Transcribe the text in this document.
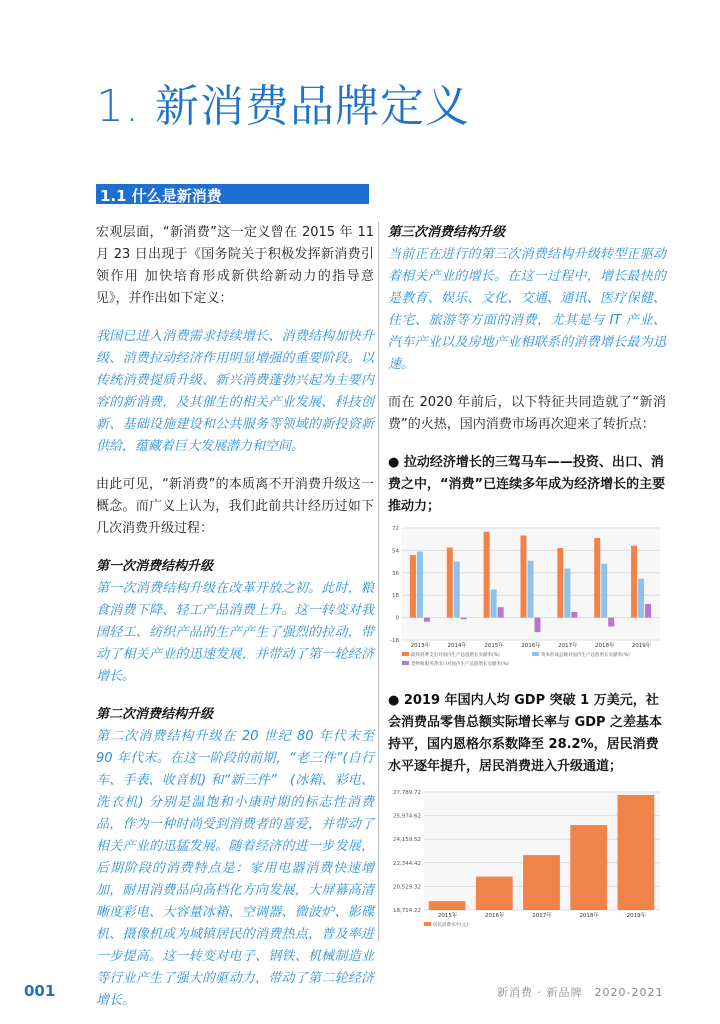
1. 新消费品牌定义
1.1 什么是新消费

宏观层面，“新消费”这一定义曾在 2015 年 11 月 23 日出现于《国务院关于积极发挥新消费引领作用 加快培育形成新供给新动力的指导意见》，并作出如下定义：

我国已进入消费需求持续增长、消费结构加快升级、消费拉动经济作用明显增强的重要阶段。以传统消费提质升级、新兴消费蓬勃兴起为主要内容的新消费，及其催生的相关产业发展、科技创新、基础设施建设和公共服务等领域的新投资新供给，蕴藏着巨大发展潜力和空间。

由此可见，“新消费”的本质离不开消费升级这一概念。而广义上认为，我们此前共计经历过如下几次消费升级过程：

第一次消费结构升级

第一次消费结构升级在改革开放之初。此时，粮食消费下降、轻工产品消费上升。这一转变对我国轻工、纺织产品的生产产生了强烈的拉动，带动了相关产业的迅速发展，并带动了第一轮经济增长。

第二次消费结构升级

第二次消费结构升级在 20 世纪 80 年代末至 90 年代末。在这一阶段的前期，“老三件”(自行车、手表、收音机) 和“新三件”　(冰箱、彩电、洗衣机) 分别是温饱和小康时期的标志性消费品，作为一种时尚受到消费者的喜爱，并带动了相关产业的迅猛发展。随着经济的进一步发展，后期阶段的消费特点是：家用电器消费快速增加，耐用消费品向高档化方向发展，大屏幕高清晰度彩电、大容量冰箱、空调器、微波炉、影碟机、摄像机成为城镇居民的消费热点，普及率进一步提高。这一转变对电子、钢铁、机械制造业等行业产生了强大的驱动力，带动了第二轮经济增长。

第三次消费结构升级

当前正在进行的第三次消费结构升级转型正驱动着相关产业的增长。在这一过程中，增长最快的是教育、娱乐、文化、交通、通讯、医疗保健、住宅、旅游等方面的消费，尤其是与 IT 产业、汽车产业以及房地产业相联系的消费增长最为迅速。

而在 2020 年前后，以下特征共同造就了“新消费”的火热，国内消费市场再次迎来了转折点：

● 拉动经济增长的三驾马车——投资、出口、消费之中，“消费”已连续多年成为经济增长的主要推动力；
-18
0
18
36
54
72
2013年	2014年	2015年	2016年	2017年	2018年	2019年
最终消费支出对国内生产总值增长贡献率(%)	资本形成总额对国内生产总值增长贡献率(%)
货物和服务净出口对国内生产总值增长贡献率(%)
● 2019 年国内人均 GDP 突破 1 万美元，社会消费品零售总额实际增长率与 GDP 之差基本持平，国内恩格尔系数降至 28.2%，居民消费水平逐年提升，居民消费进入升级通道；
18,714.22
20,529.32
22,344.42
24,159.52
25,974.62
27,789.72
2015年	2016年	2017年	2018年	2019年
居民消费水平(元)
001	新消费 · 新品牌　2020-2021
